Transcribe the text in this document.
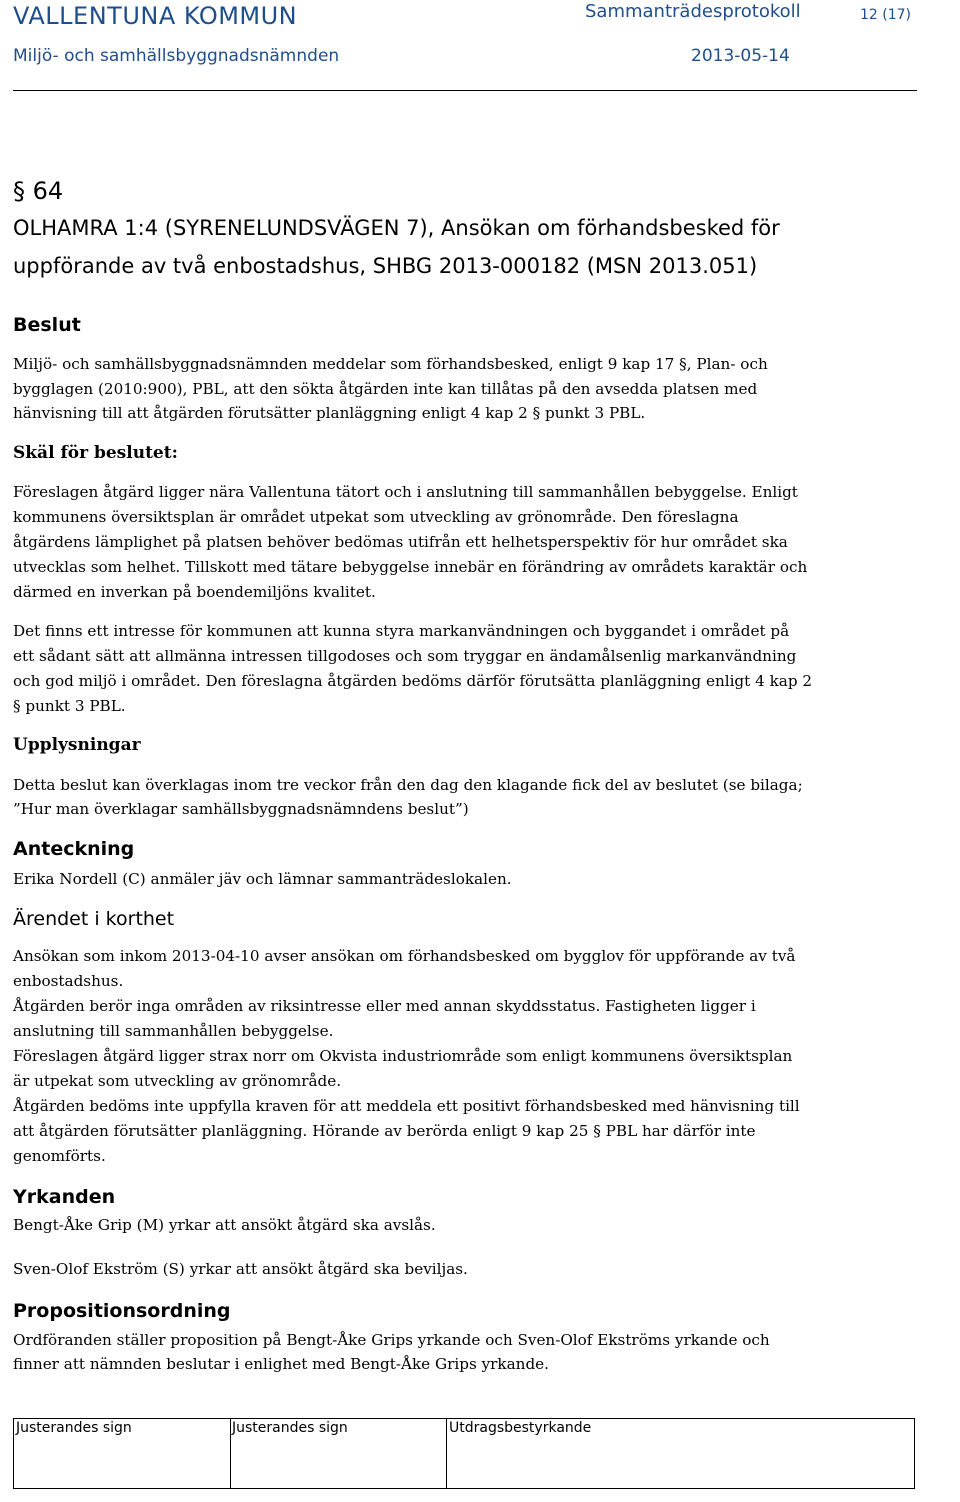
VALLENTUNA KOMMUN	Sammanträdesprotokoll	12 (17)
Miljö- och samhällsbyggnadsnämnden	2013-05-14
§ 64
OLHAMRA 1:4 (SYRENELUNDSVÄGEN 7), Ansökan om förhandsbesked för
uppförande av två enbostadshus, SHBG 2013-000182 (MSN 2013.051)
Beslut
Miljö- och samhällsbyggnadsnämnden meddelar som förhandsbesked, enligt 9 kap 17 §, Plan- och
bygglagen (2010:900), PBL, att den sökta åtgärden inte kan tillåtas på den avsedda platsen med
hänvisning till att åtgärden förutsätter planläggning enligt 4 kap 2 § punkt 3 PBL.
Skäl för beslutet:
Föreslagen åtgärd ligger nära Vallentuna tätort och i anslutning till sammanhållen bebyggelse. Enligt
kommunens översiktsplan är området utpekat som utveckling av grönområde. Den föreslagna
åtgärdens lämplighet på platsen behöver bedömas utifrån ett helhetsperspektiv för hur området ska
utvecklas som helhet. Tillskott med tätare bebyggelse innebär en förändring av områdets karaktär och
därmed en inverkan på boendemiljöns kvalitet.
Det finns ett intresse för kommunen att kunna styra markanvändningen och byggandet i området på
ett sådant sätt att allmänna intressen tillgodoses och som tryggar en ändamålsenlig markanvändning
och god miljö i området. Den föreslagna åtgärden bedöms därför förutsätta planläggning enligt 4 kap 2
§ punkt 3 PBL.
Upplysningar
Detta beslut kan överklagas inom tre veckor från den dag den klagande fick del av beslutet (se bilaga;
”Hur man överklagar samhällsbyggnadsnämndens beslut”)
Anteckning
Erika Nordell (C) anmäler jäv och lämnar sammanträdeslokalen.
Ärendet i korthet
Ansökan som inkom 2013-04-10 avser ansökan om förhandsbesked om bygglov för uppförande av två
enbostadshus.
Åtgärden berör inga områden av riksintresse eller med annan skyddsstatus. Fastigheten ligger i
anslutning till sammanhållen bebyggelse.
Föreslagen åtgärd ligger strax norr om Okvista industriområde som enligt kommunens översiktsplan
är utpekat som utveckling av grönområde.
Åtgärden bedöms inte uppfylla kraven för att meddela ett positivt förhandsbesked med hänvisning till
att åtgärden förutsätter planläggning. Hörande av berörda enligt 9 kap 25 § PBL har därför inte
genomförts.
Yrkanden
Bengt-Åke Grip (M) yrkar att ansökt åtgärd ska avslås.
Sven-Olof Ekström (S) yrkar att ansökt åtgärd ska beviljas.
Propositionsordning
Ordföranden ställer proposition på Bengt-Åke Grips yrkande och Sven-Olof Ekströms yrkande och
finner att nämnden beslutar i enlighet med Bengt-Åke Grips yrkande.
Justerandes sign	Justerandes sign	Utdragsbestyrkande
